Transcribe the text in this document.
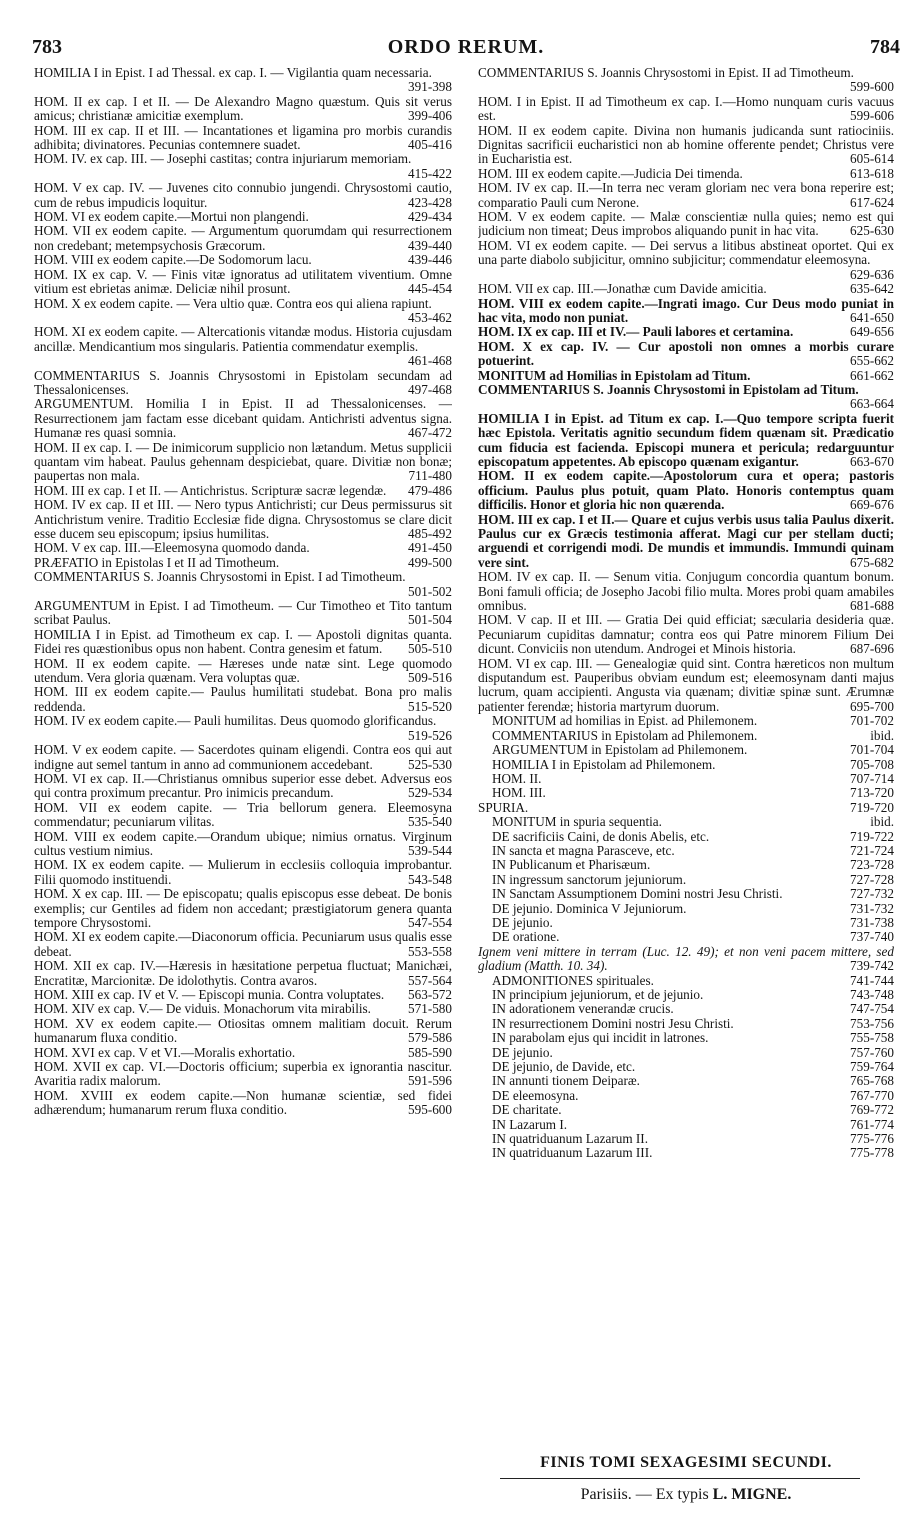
783	ORDO RERUM.	784
HOMILIA I in Epist. I ad Thessal. ex cap. I. — Vigilantia quam necessaria.
391-398
HOM. II ex cap. I et II. — De Alexandro Magno quæstum. Quis sit verus amicus; christianæ amicitiæ exemplum.	399-406
HOM. III ex cap. II et III. — Incantationes et ligamina pro morbis curandis adhibita; divinatores. Pecunias contemnere suadet.	405-416
HOM. IV. ex cap. III. — Josephi castitas; contra injuriarum memoriam.
415-422
HOM. V ex cap. IV. — Juvenes cito connubio jungendi. Chrysostomi cautio, cum de rebus impudicis loquitur.	423-428
HOM. VI ex eodem capite.—Mortui non plangendi.	429-434
HOM. VII ex eodem capite. — Argumentum quorumdam qui resurrectionem non credebant; metempsychosis Græcorum.	439-440
HOM. VIII ex eodem capite.—De Sodomorum lacu.	439-446
HOM. IX ex cap. V. — Finis vitæ ignoratus ad utilitatem viventium. Omne vitium est ebrietas animæ. Deliciæ nihil prosunt.	445-454
HOM. X ex eodem capite. — Vera ultio quæ. Contra eos qui aliena rapiunt.
453-462
HOM. XI ex eodem capite. — Altercationis vitandæ modus. Historia cujusdam ancillæ. Mendicantium mos singularis. Patientia commendatur exemplis.
461-468
COMMENTARIUS S. Joannis Chrysostomi in Epistolam secundam ad Thessalonicenses.	497-468
ARGUMENTUM. Homilia I in Epist. II ad Thessalonicenses. — Resurrectionem jam factam esse dicebant quidam. Antichristi adventus signa. Humanæ res quasi somnia.	467-472
HOM. II ex cap. I. — De inimicorum supplicio non lætandum. Metus supplicii quantam vim habeat. Paulus gehennam despiciebat, quare. Divitiæ non bonæ; paupertas non mala.	711-480
HOM. III ex cap. I et II. — Antichristus. Scripturæ sacræ legendæ.	479-486
HOM. IV ex cap. II et III. — Nero typus Antichristi; cur Deus permissurus sit Antichristum venire. Traditio Ecclesiæ fide digna. Chrysostomus se clare dicit esse ducem seu episcopum; ipsius humilitas.	485-492
HOM. V ex cap. III.—Eleemosyna quomodo danda.	491-450
PRÆFATIO in Epistolas I et II ad Timotheum.	499-500
COMMENTARIUS S. Joannis Chrysostomi in Epist. I ad Timotheum.
501-502
ARGUMENTUM in Epist. I ad Timotheum. — Cur Timotheo et Tito tantum scribat Paulus.	501-504
HOMILIA I in Epist. ad Timotheum ex cap. I. — Apostoli dignitas quanta. Fidei res quæstionibus opus non habent. Contra genesim et fatum.	505-510
HOM. II ex eodem capite. — Hæreses unde natæ sint. Lege quomodo utendum. Vera gloria quænam. Vera voluptas quæ.	509-516
HOM. III ex eodem capite.— Paulus humilitati studebat. Bona pro malis reddenda.	515-520
HOM. IV ex eodem capite.— Pauli humilitas. Deus quomodo glorificandus.
519-526
HOM. V ex eodem capite. — Sacerdotes quinam eligendi. Contra eos qui aut indigne aut semel tantum in anno ad communionem accedebant.	525-530
HOM. VI ex cap. II.—Christianus omnibus superior esse debet. Adversus eos qui contra proximum precantur. Pro inimicis precandum.	529-534
HOM. VII ex eodem capite. — Tria bellorum genera. Eleemosyna commendatur; pecuniarum vilitas.	535-540
HOM. VIII ex eodem capite.—Orandum ubique; nimius ornatus. Virginum cultus vestium nimius.	539-544
HOM. IX ex eodem capite. — Mulierum in ecclesiis colloquia improbantur. Filii quomodo instituendi.	543-548
HOM. X ex cap. III. — De episcopatu; qualis episcopus esse debeat. De bonis exemplis; cur Gentiles ad fidem non accedant; præstigiatorum genera quanta tempore Chrysostomi.	547-554
HOM. XI ex eodem capite.—Diaconorum officia. Pecuniarum usus qualis esse debeat.	553-558
HOM. XII ex cap. IV.—Hæresis in hæsitatione perpetua fluctuat; Manichæi, Encratitæ, Marcionitæ. De idolothytis. Contra avaros.	557-564
HOM. XIII ex cap. IV et V. — Episcopi munia. Contra voluptates.	563-572
HOM. XIV ex cap. V.— De viduis. Monachorum vita mirabilis.	571-580
HOM. XV ex eodem capite.— Otiositas omnem malitiam docuit. Rerum humanarum fluxa conditio.	579-586
HOM. XVI ex cap. V et VI.—Moralis exhortatio.	585-590
HOM. XVII ex cap. VI.—Doctoris officium; superbia ex ignorantia nascitur. Avaritia radix malorum.	591-596
HOM. XVIII ex eodem capite.—Non humanæ scientiæ, sed fidei adhærendum; humanarum rerum fluxa conditio.	595-600
COMMENTARIUS S. Joannis Chrysostomi in Epist. II ad Timotheum.
599-600
HOM. I in Epist. II ad Timotheum ex cap. I.—Homo nunquam curis vacuus est.	599-606
HOM. II ex eodem capite. Divina non humanis judicanda sunt ratiociniis. Dignitas sacrificii eucharistici non ab homine offerente pendet; Christus vere in Eucharistia est.	605-614
HOM. III ex eodem capite.—Judicia Dei timenda.	613-618
HOM. IV ex cap. II.—In terra nec veram gloriam nec vera bona reperire est; comparatio Pauli cum Nerone.	617-624
HOM. V ex eodem capite. — Malæ conscientiæ nulla quies; nemo est qui judicium non timeat; Deus improbos aliquando punit in hac vita.	625-630
HOM. VI ex eodem capite. — Dei servus a litibus abstineat oportet. Qui ex una parte diabolo subjicitur, omnino subjicitur; commendatur eleemosyna.
629-636
HOM. VII ex cap. III.—Jonathæ cum Davide amicitia.	635-642
HOM. VIII ex eodem capite.—Ingrati imago. Cur Deus modo puniat in hac vita, modo non puniat.	641-650
HOM. IX ex cap. III et IV.— Pauli labores et certamina.	649-656
HOM. X ex cap. IV. — Cur apostoli non omnes a morbis curare potuerint.	655-662
MONITUM ad Homilias in Epistolam ad Titum.	661-662
COMMENTARIUS S. Joannis Chrysostomi in Epistolam ad Titum.
663-664
HOMILIA I in Epist. ad Titum ex cap. I.—Quo tempore scripta fuerit hæc Epistola. Veritatis agnitio secundum fidem quænam sit. Prædicatio cum fiducia est facienda. Episcopi munera et pericula; redarguuntur episcopatum appetentes. Ab episcopo quænam exigantur.	663-670
HOM. II ex eodem capite.—Apostolorum cura et opera; pastoris officium. Paulus plus potuit, quam Plato. Honoris contemptus quam difficilis. Honor et gloria hic non quærenda.	669-676
HOM. III ex cap. I et II.— Quare et cujus verbis usus talia Paulus dixerit. Paulus cur ex Græcis testimonia afferat. Magi cur per stellam ducti; arguendi et corrigendi modi. De mundis et immundis. Immundi quinam vere sint.	675-682
HOM. IV ex cap. II. — Senum vitia. Conjugum concordia quantum bonum. Boni famuli officia; de Josepho Jacobi filio multa. Mores probi quam amabiles omnibus.	681-688
HOM. V cap. II et III. — Gratia Dei quid efficiat; sæcularia desideria quæ. Pecuniarum cupiditas damnatur; contra eos qui Patre minorem Filium Dei dicunt. Conviciis non utendum. Androgei et Minois historia.	687-696
HOM. VI ex cap. III. — Genealogiæ quid sint. Contra hæreticos non multum disputandum est. Pauperibus obviam eundum est; eleemosynam danti majus lucrum, quam accipienti. Angusta via quænam; divitiæ spinæ sunt. Ærumnæ patienter ferendæ; historia martyrum duorum.	695-700
MONITUM ad homilias in Epist. ad Philemonem.	701-702
COMMENTARIUS in Epistolam ad Philemonem.	ibid.
ARGUMENTUM in Epistolam ad Philemonem.	701-704
HOMILIA I in Epistolam ad Philemonem.	705-708
HOM. II.	707-714
HOM. III.	713-720
SPURIA.	719-720
MONITUM in spuria sequentia.	ibid.
DE sacrificiis Caini, de donis Abelis, etc.	719-722
IN sancta et magna Parasceve, etc.	721-724
IN Publicanum et Pharisæum.	723-728
IN ingressum sanctorum jejuniorum.	727-728
IN Sanctam Assumptionem Domini nostri Jesu Christi.	727-732
DE jejunio. Dominica V Jejuniorum.	731-732
DE jejunio.	731-738
DE oratione.	737-740
Ignem veni mittere in terram (Luc. 12. 49); et non veni pacem mittere, sed gladium (Matth. 10. 34).	739-742
ADMONITIONES spirituales.	741-744
IN principium jejuniorum, et de jejunio.	743-748
IN adorationem venerandæ crucis.	747-754
IN resurrectionem Domini nostri Jesu Christi.	753-756
IN parabolam ejus qui incidit in latrones.	755-758
DE jejunio.	757-760
DE jejunio, de Davide, etc.	759-764
IN annunti tionem Deiparæ.	765-768
DE eleemosyna.	767-770
DE charitate.	769-772
IN Lazarum I.	761-774
IN quatriduanum Lazarum II.	775-776
IN quatriduanum Lazarum III.	775-778
FINIS TOMI SEXAGESIMI SECUNDI.
Parisiis. — Ex typis L. MIGNE.
